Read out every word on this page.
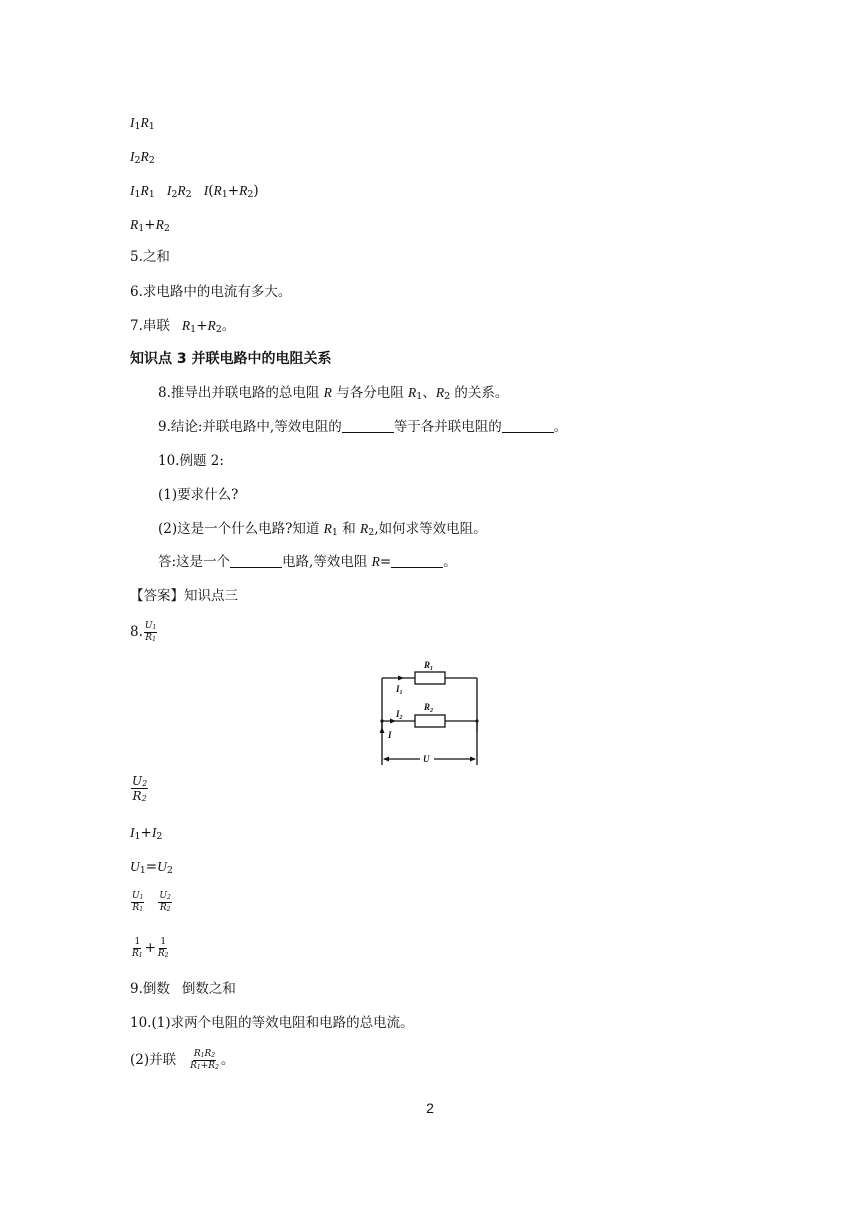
$I_1R_1$
$I_2R_2$
$I_1R_1$ $I_2R_2$ $I(R_1+R_2)$
$R_1+R_2$
5.之和
6.求电路中的电流有多大。
7.串联 $R_1+R_2$。
知识点 3 并联电路中的电阻关系
8.推导出并联电路的总电阻 R 与各分电阻 $R_1$、$R_2$ 的关系。
9.结论:并联电路中,等效电阻的	等于各并联电阻的	。
10.例题 2:
(1)要求什么?
(2)这是一个什么电路?知道 $R_1$ 和 $R_2$,如何求等效电阻。
答:这是一个	电路,等效电阻 R=	。
【答案】知识点三
8. $\frac{U_1}{R_1}$
$R_1$
$R_2$
$I_1$
$I_2$
I
U
$\frac{U_2}{R_2}$
$I_1+I_2$
$U_1=U_2$
$\frac{U_1}{R_1} \frac{U_2}{R_2}$
$\frac{1}{R_1} + \frac{1}{R_2}$
9.倒数 倒数之和
10.(1)求两个电阻的等效电阻和电路的总电流。
(2)并联 $\frac{R_1R_2}{R_1+R_2}$ 。
2
